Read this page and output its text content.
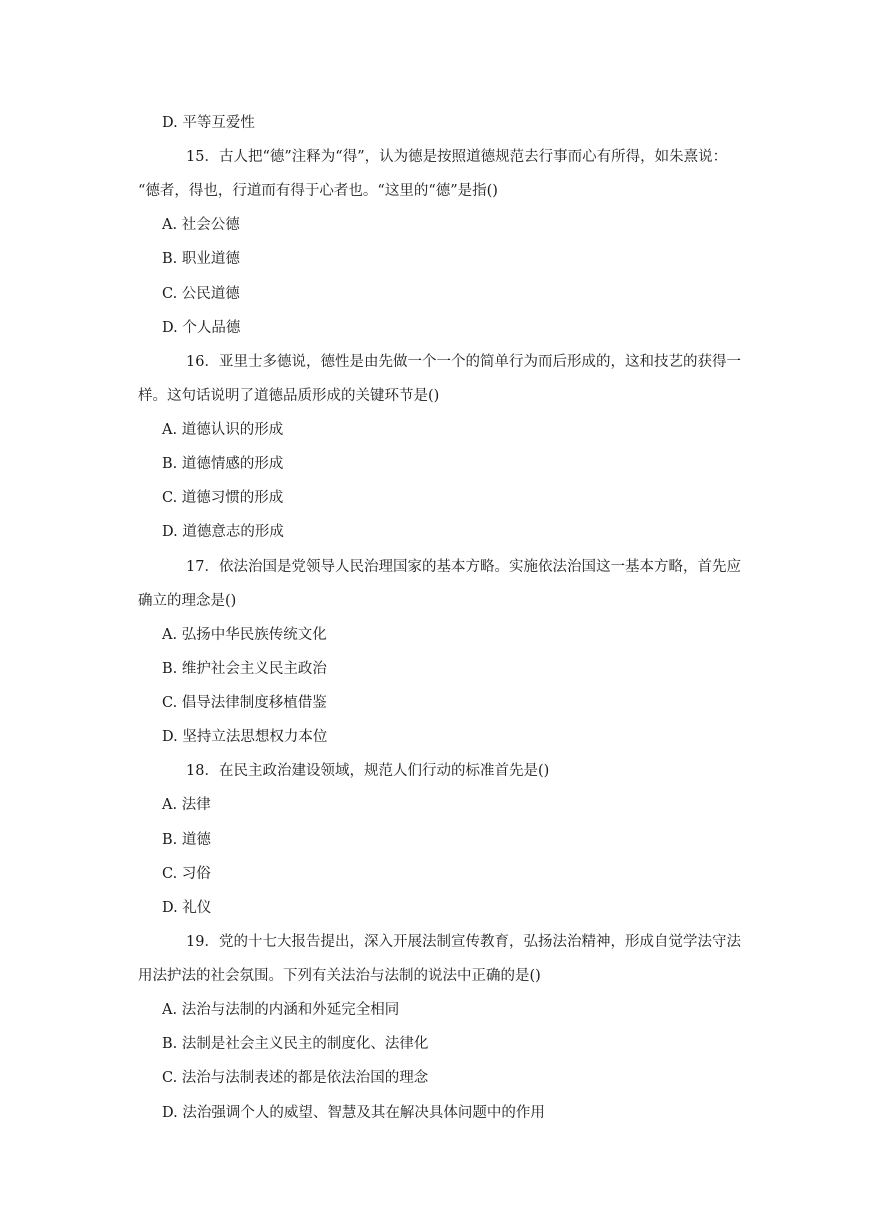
D. 平等互爱性
15．古人把“德”注释为“得”，认为德是按照道德规范去行事而心有所得，如朱熹说：
“德者，得也，行道而有得于心者也。“这里的“德”是指()
A. 社会公德
B. 职业道德
C. 公民道德
D. 个人品德
16．亚里士多德说，德性是由先做一个一个的简单行为而后形成的，这和技艺的获得一
样。这句话说明了道德品质形成的关键环节是()
A. 道德认识的形成
B. 道德情感的形成
C. 道德习惯的形成
D. 道德意志的形成
17．依法治国是党领导人民治理国家的基本方略。实施依法治国这一基本方略，首先应
确立的理念是()
A. 弘扬中华民族传统文化
B. 维护社会主义民主政治
C. 倡导法律制度移植借鉴
D. 坚持立法思想权力本位
18．在民主政治建设领域，规范人们行动的标准首先是()
A. 法律
B. 道德
C. 习俗
D. 礼仪
19．党的十七大报告提出，深入开展法制宣传教育，弘扬法治精神，形成自觉学法守法
用法护法的社会氛围。下列有关法治与法制的说法中正确的是()
A. 法治与法制的内涵和外延完全相同
B. 法制是社会主义民主的制度化、法律化
C. 法治与法制表述的都是依法治国的理念
D. 法治强调个人的威望、智慧及其在解决具体问题中的作用
